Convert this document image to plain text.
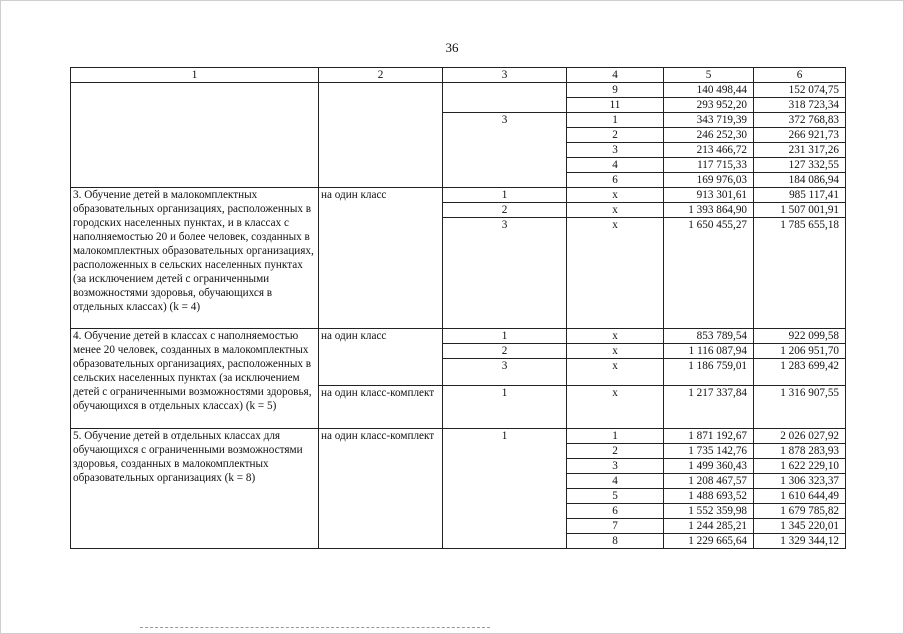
36
1	2	3	4	5	6
			9	140 498,44	152 074,75
			11	293 952,20	318 723,34
		3	1	343 719,39	372 768,83
			2	246 252,30	266 921,73
			3	213 466,72	231 317,26
			4	117 715,33	127 332,55
			6	169 976,03	184 086,94
3. Обучение детей в малокомплектных образовательных организациях, расположенных в городских населенных пунктах, и в классах с наполняемостью 20 и более человек, созданных в малокомплектных образовательных организациях, расположенных в сельских населенных пунктах (за исключением детей с ограниченными возможностями здоровья, обучающихся в отдельных классах) (k = 4)	на один класс	1	x	913 301,61	985 117,41
		2	x	1 393 864,90	1 507 001,91
		3	x	1 650 455,27	1 785 655,18
4. Обучение детей в классах с наполняемостью менее 20 человек, созданных в малокомплектных образовательных организациях, расположенных в сельских населенных пунктах (за исключением детей с ограниченными возможностями здоровья, обучающихся в отдельных классах) (k = 5)	на один класс	1	x	853 789,54	922 099,58
		2	x	1 116 087,94	1 206 951,70
		3	x	1 186 759,01	1 283 699,42
	на один класс-комплект	1	x	1 217 337,84	1 316 907,55
5. Обучение детей в отдельных классах для обучающихся с ограниченными возможностями здоровья, созданных в малокомплектных образовательных организациях (k = 8)	на один класс-комплект	1	1	1 871 192,67	2 026 027,92
			2	1 735 142,76	1 878 283,93
			3	1 499 360,43	1 622 229,10
			4	1 208 467,57	1 306 323,37
			5	1 488 693,52	1 610 644,49
			6	1 552 359,98	1 679 785,82
			7	1 244 285,21	1 345 220,01
			8	1 229 665,64	1 329 344,12
